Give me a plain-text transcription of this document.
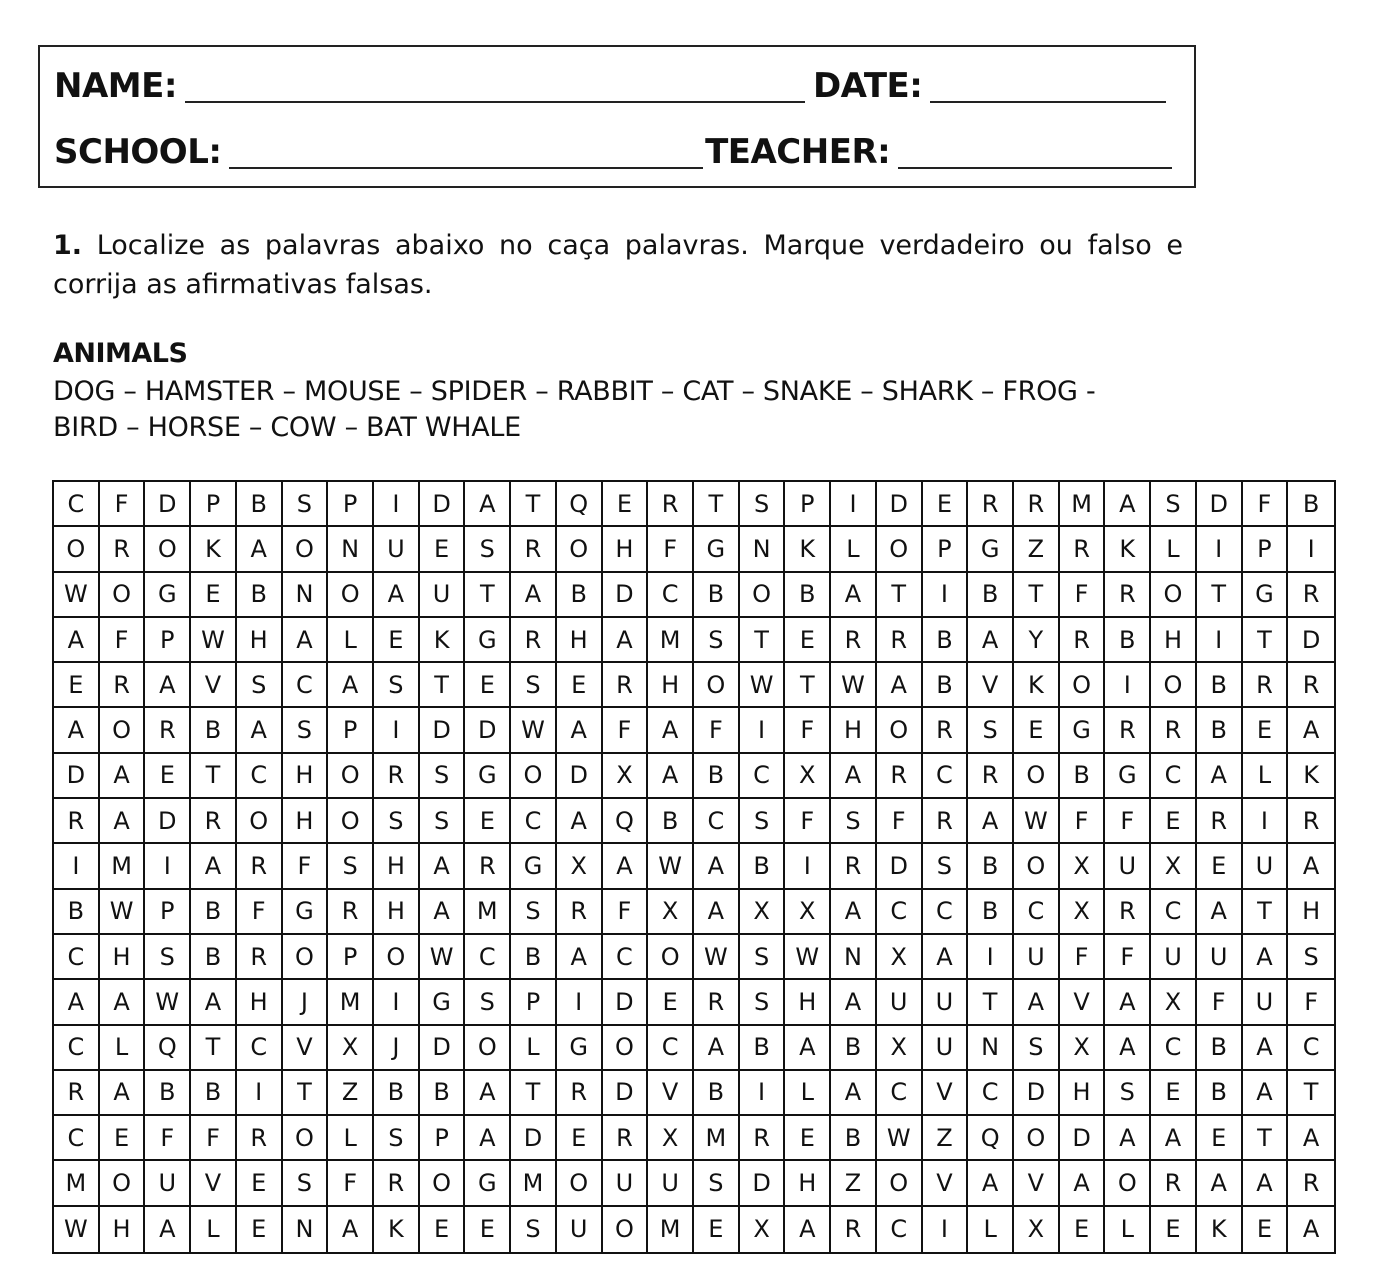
NAME:	DATE:
SCHOOL:	TEACHER:
1. Localize as palavras abaixo no caça palavras. Marque verdadeiro ou falso e corrija as afirmativas falsas.
ANIMALS
DOG – HAMSTER – MOUSE – SPIDER – RABBIT – CAT – SNAKE – SHARK – FROG -
BIRD – HORSE – COW – BAT WHALE
C	F	D	P	B	S	P	I	D	A	T	Q	E	R	T	S	P	I	D	E	R	R	M	A	S	D	F	B
O	R	O	K	A	O	N	U	E	S	R	O	H	F	G	N	K	L	O	P	G	Z	R	K	L	I	P	I
W	O	G	E	B	N	O	A	U	T	A	B	D	C	B	O	B	A	T	I	B	T	F	R	O	T	G	R
A	F	P	W	H	A	L	E	K	G	R	H	A	M	S	T	E	R	R	B	A	Y	R	B	H	I	T	D
E	R	A	V	S	C	A	S	T	E	S	E	R	H	O	W	T	W	A	B	V	K	O	I	O	B	R	R
A	O	R	B	A	S	P	I	D	D	W	A	F	A	F	I	F	H	O	R	S	E	G	R	R	B	E	A
D	A	E	T	C	H	O	R	S	G	O	D	X	A	B	C	X	A	R	C	R	O	B	G	C	A	L	K
R	A	D	R	O	H	O	S	S	E	C	A	Q	B	C	S	F	S	F	R	A	W	F	F	E	R	I	R
I	M	I	A	R	F	S	H	A	R	G	X	A	W	A	B	I	R	D	S	B	O	X	U	X	E	U	A
B	W	P	B	F	G	R	H	A	M	S	R	F	X	A	X	X	A	C	C	B	C	X	R	C	A	T	H
C	H	S	B	R	O	P	O	W	C	B	A	C	O	W	S	W	N	X	A	I	U	F	F	U	U	A	S
A	A	W	A	H	J	M	I	G	S	P	I	D	E	R	S	H	A	U	U	T	A	V	A	X	F	U	F
C	L	Q	T	C	V	X	J	D	O	L	G	O	C	A	B	A	B	X	U	N	S	X	A	C	B	A	C
R	A	B	B	I	T	Z	B	B	A	T	R	D	V	B	I	L	A	C	V	C	D	H	S	E	B	A	T
C	E	F	F	R	O	L	S	P	A	D	E	R	X	M	R	E	B	W	Z	Q	O	D	A	A	E	T	A
M	O	U	V	E	S	F	R	O	G	M	O	U	U	S	D	H	Z	O	V	A	V	A	O	R	A	A	R
W	H	A	L	E	N	A	K	E	E	S	U	O	M	E	X	A	R	C	I	L	X	E	L	E	K	E	A
